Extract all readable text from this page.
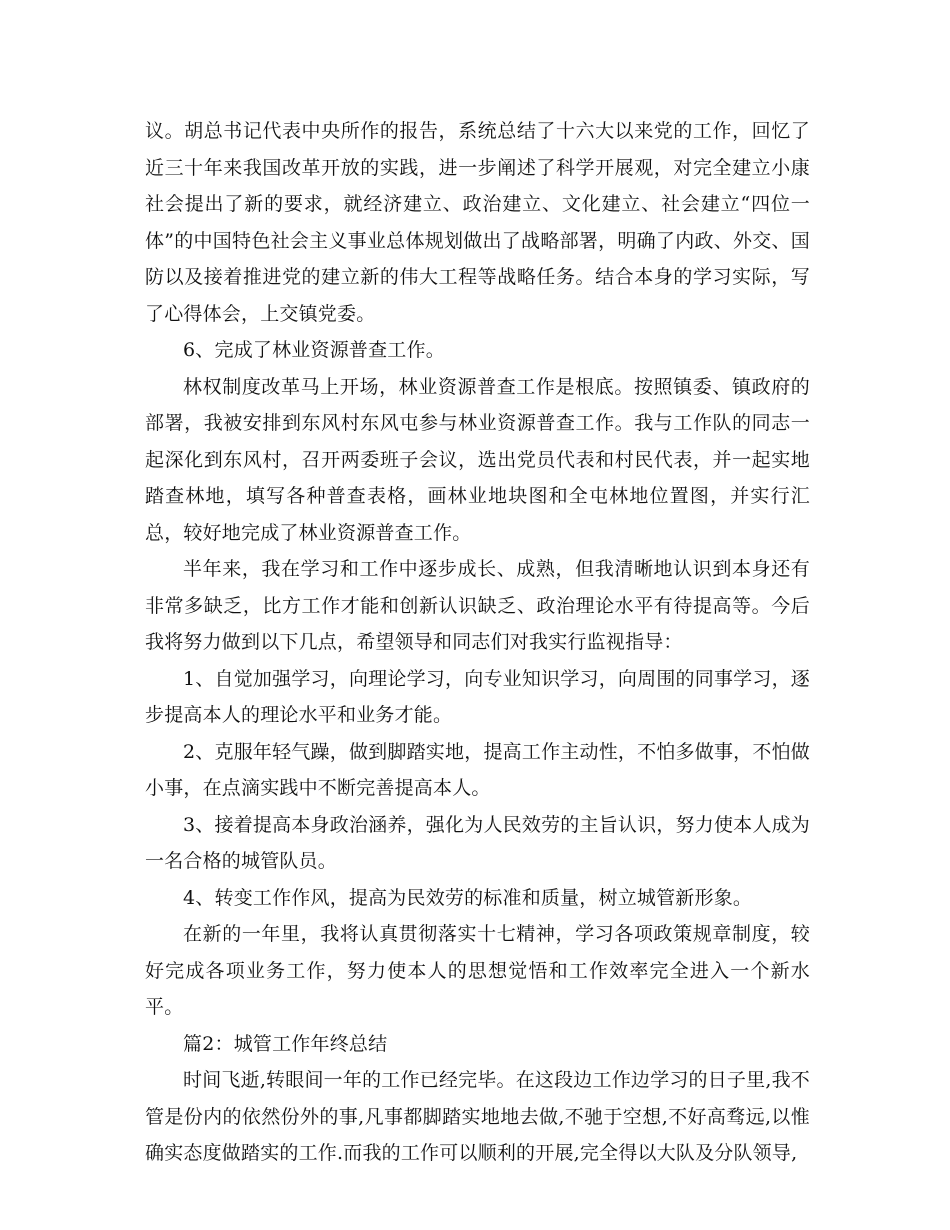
议。胡总书记代表中央所作的报告，系统总结了十六大以来党的工作，回忆了近三十年来我国改革开放的实践，进一步阐述了科学开展观，对完全建立小康社会提出了新的要求，就经济建立、政治建立、文化建立、社会建立“四位一体”的中国特色社会主义事业总体规划做出了战略部署，明确了内政、外交、国防以及接着推进党的建立新的伟大工程等战略任务。结合本身的学习实际，写了心得体会，上交镇党委。

6、完成了林业资源普查工作。

林权制度改革马上开场，林业资源普查工作是根底。按照镇委、镇政府的部署，我被安排到东风村东风屯参与林业资源普查工作。我与工作队的同志一起深化到东风村，召开两委班子会议，选出党员代表和村民代表，并一起实地踏查林地，填写各种普查表格，画林业地块图和全屯林地位置图，并实行汇总，较好地完成了林业资源普查工作。

半年来，我在学习和工作中逐步成长、成熟，但我清晰地认识到本身还有非常多缺乏，比方工作才能和创新认识缺乏、政治理论水平有待提高等。今后我将努力做到以下几点，希望领导和同志们对我实行监视指导：

1、自觉加强学习，向理论学习，向专业知识学习，向周围的同事学习，逐步提高本人的理论水平和业务才能。

2、克服年轻气躁，做到脚踏实地，提高工作主动性，不怕多做事，不怕做小事，在点滴实践中不断完善提高本人。

3、接着提高本身政治涵养，强化为人民效劳的主旨认识，努力使本人成为一名合格的城管队员。

4、转变工作作风，提高为民效劳的标准和质量，树立城管新形象。

在新的一年里，我将认真贯彻落实十七精神，学习各项政策规章制度，较好完成各项业务工作，努力使本人的思想觉悟和工作效率完全进入一个新水平。

篇2：城管工作年终总结

时间飞逝,转眼间一年的工作已经完毕。在这段边工作边学习的日子里,我不管是份内的依然份外的事,凡事都脚踏实地地去做,不驰于空想,不好高骛远,以惟确实态度做踏实的工作.而我的工作可以顺利的开展,完全得以大队及分队领导,
